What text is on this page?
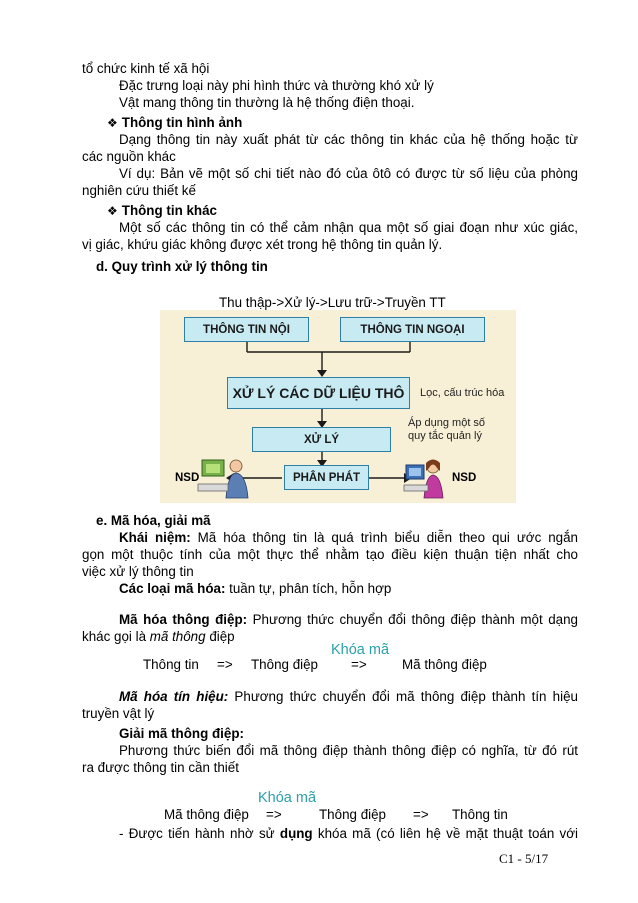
tổ chức kinh tế xã hội
Đặc trưng loại này phi hình thức và thường khó xử lý
Vật mang thông tin thường là hệ thống điện thoại.
❖ Thông tin hình ảnh
Dạng thông tin này xuất phát từ các thông tin khác của hệ thống hoặc từ
các nguồn khác
Ví dụ: Bản vẽ một số chi tiết nào đó của ôtô có được từ số liệu của phòng
nghiên cứu thiết kế
❖ Thông tin khác
Một số các thông tin có thể cảm nhận qua một số giai đoạn như xúc giác,
vị giác, khứu giác không được xét trong hệ thông tin quản lý.
d. Quy trình xử lý thông tin
Thu thập->Xử lý->Lưu trữ->Truyền TT
THÔNG TIN NỘI	THÔNG TIN NGOẠI
XỬ LÝ CÁC DỮ LIỆU THÔ	Lọc, cấu trúc hóa
XỬ LÝ
Áp dụng một số
quy tắc quản lý
PHÂN PHÁT
NSD	NSD
e. Mã hóa, giải mã
Khái niệm: Mã hóa thông tin là quá trình biểu diễn theo qui ước ngắn
gọn một thuộc tính của một thực thể nhằm tạo điều kiện thuận tiện nhất cho
việc xử lý thông tin
Các loại mã hóa: tuần tự, phân tích, hỗn hợp
Mã hóa thông điệp: Phương thức chuyển đổi thông điệp thành một dạng
khác gọi là mã thông điệp
Khóa mã
Thông tin => Thông điệp =>	Mã thông điệp
Mã hóa tín hiệu: Phương thức chuyển đổi mã thông điệp thành tín hiệu
truyền vật lý
Giải mã thông điệp:
Phương thức biến đổi mã thông điệp thành thông điệp có nghĩa, từ đó rút
ra được thông tin cần thiết
Khóa mã
Mã thông điệp =>	Thông điệp => Thông tin
- Được tiến hành nhờ sử dụng khóa mã (có liên hệ về mặt thuật toán với
C1 - 5/17
